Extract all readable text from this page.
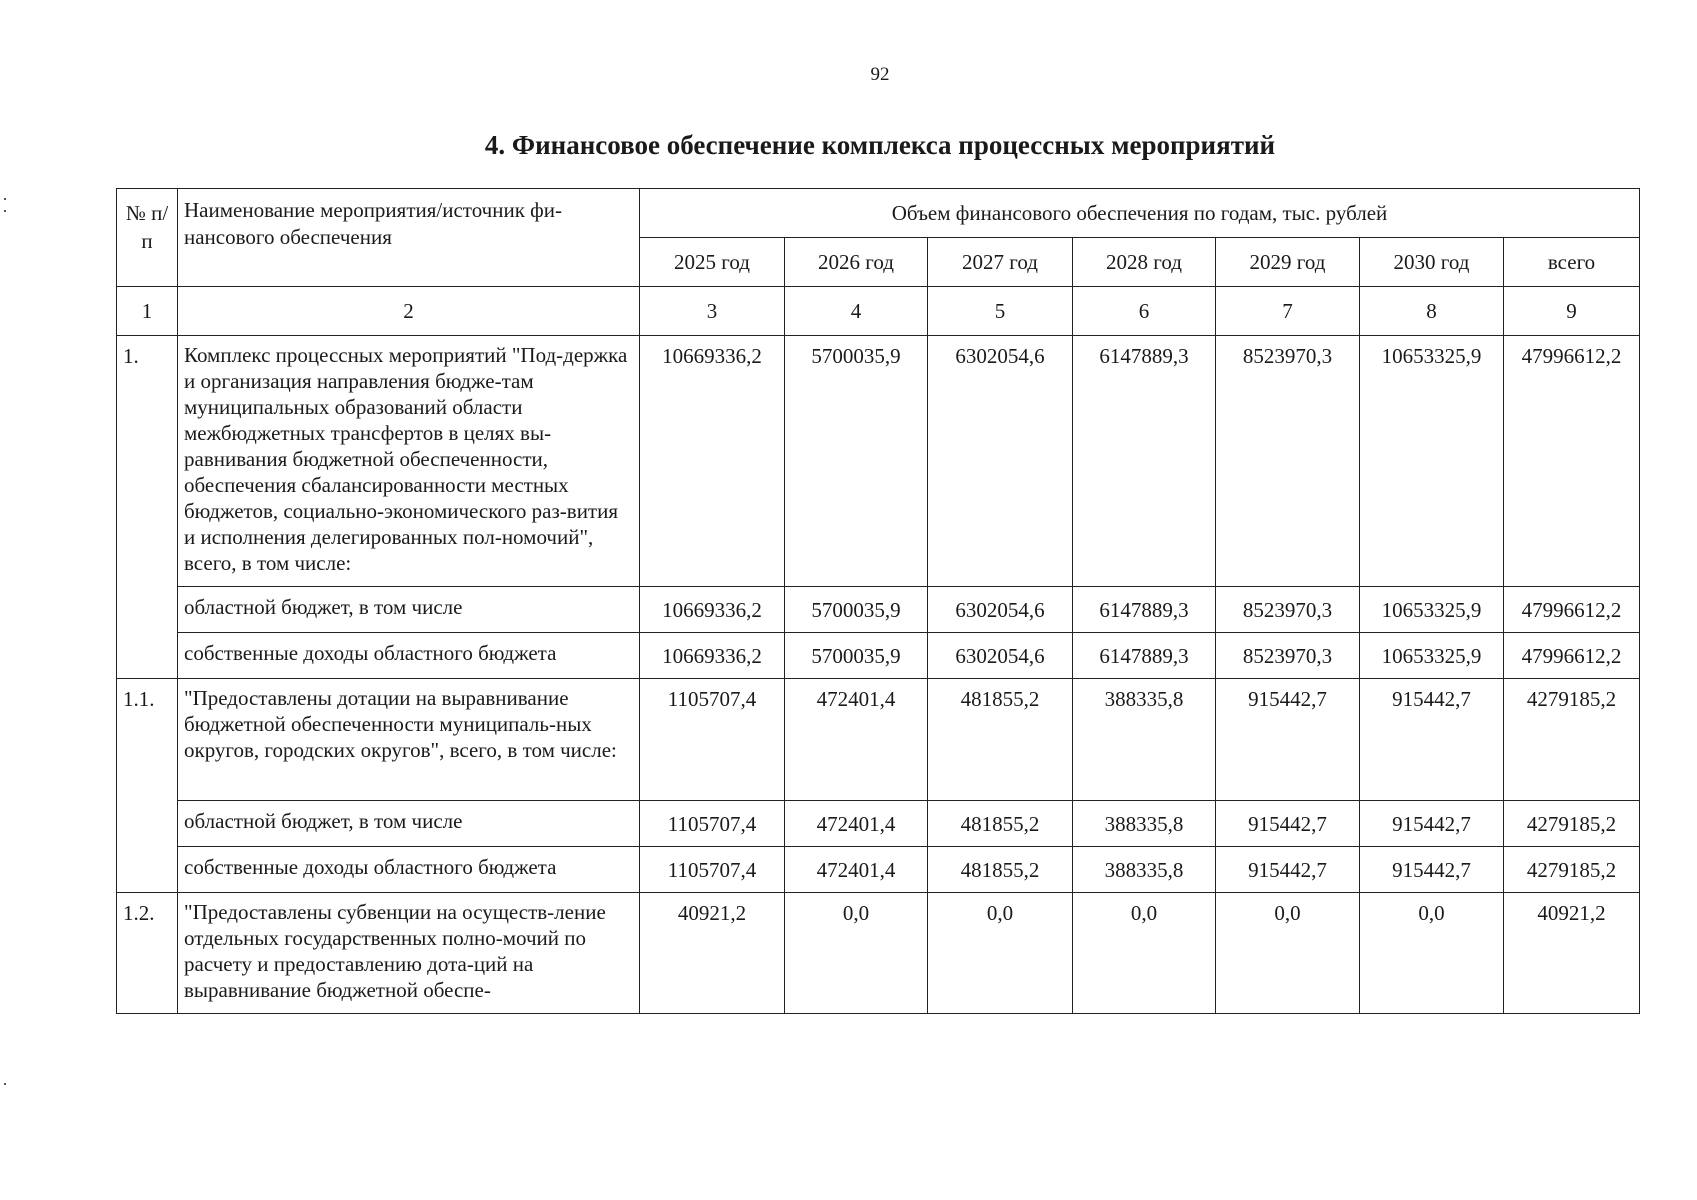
92
4. Финансовое обеспечение комплекса процессных мероприятий
№ п/п	Наименование мероприятия/источник фи-нансового обеспечения	Объем финансового обеспечения по годам, тыс. рублей						
		2025 год	2026 год	2027 год	2028 год	2029 год	2030 год	всего
1	2	3	4	5	6	7	8	9
1.	Комплекс процессных мероприятий "Под-держка и организация направления бюдже-там муниципальных образований области межбюджетных трансфертов в целях вы-равнивания бюджетной обеспеченности, обеспечения сбалансированности местных бюджетов, социально-экономического раз-вития и исполнения делегированных пол-номочий", всего, в том числе:	10669336,2	5700035,9	6302054,6	6147889,3	8523970,3	10653325,9	47996612,2
	областной бюджет, в том числе	10669336,2	5700035,9	6302054,6	6147889,3	8523970,3	10653325,9	47996612,2
	собственные доходы областного бюджета	10669336,2	5700035,9	6302054,6	6147889,3	8523970,3	10653325,9	47996612,2
1.1.	"Предоставлены дотации на выравнивание бюджетной обеспеченности муниципаль-ных округов, городских округов", всего, в том числе:	1105707,4	472401,4	481855,2	388335,8	915442,7	915442,7	4279185,2
	областной бюджет, в том числе	1105707,4	472401,4	481855,2	388335,8	915442,7	915442,7	4279185,2
	собственные доходы областного бюджета	1105707,4	472401,4	481855,2	388335,8	915442,7	915442,7	4279185,2
1.2.	"Предоставлены субвенции на осуществ-ление отдельных государственных полно-мочий по расчету и предоставлению дота-ций на выравнивание бюджетной обеспе-	40921,2	0,0	0,0	0,0	0,0	0,0	40921,2
